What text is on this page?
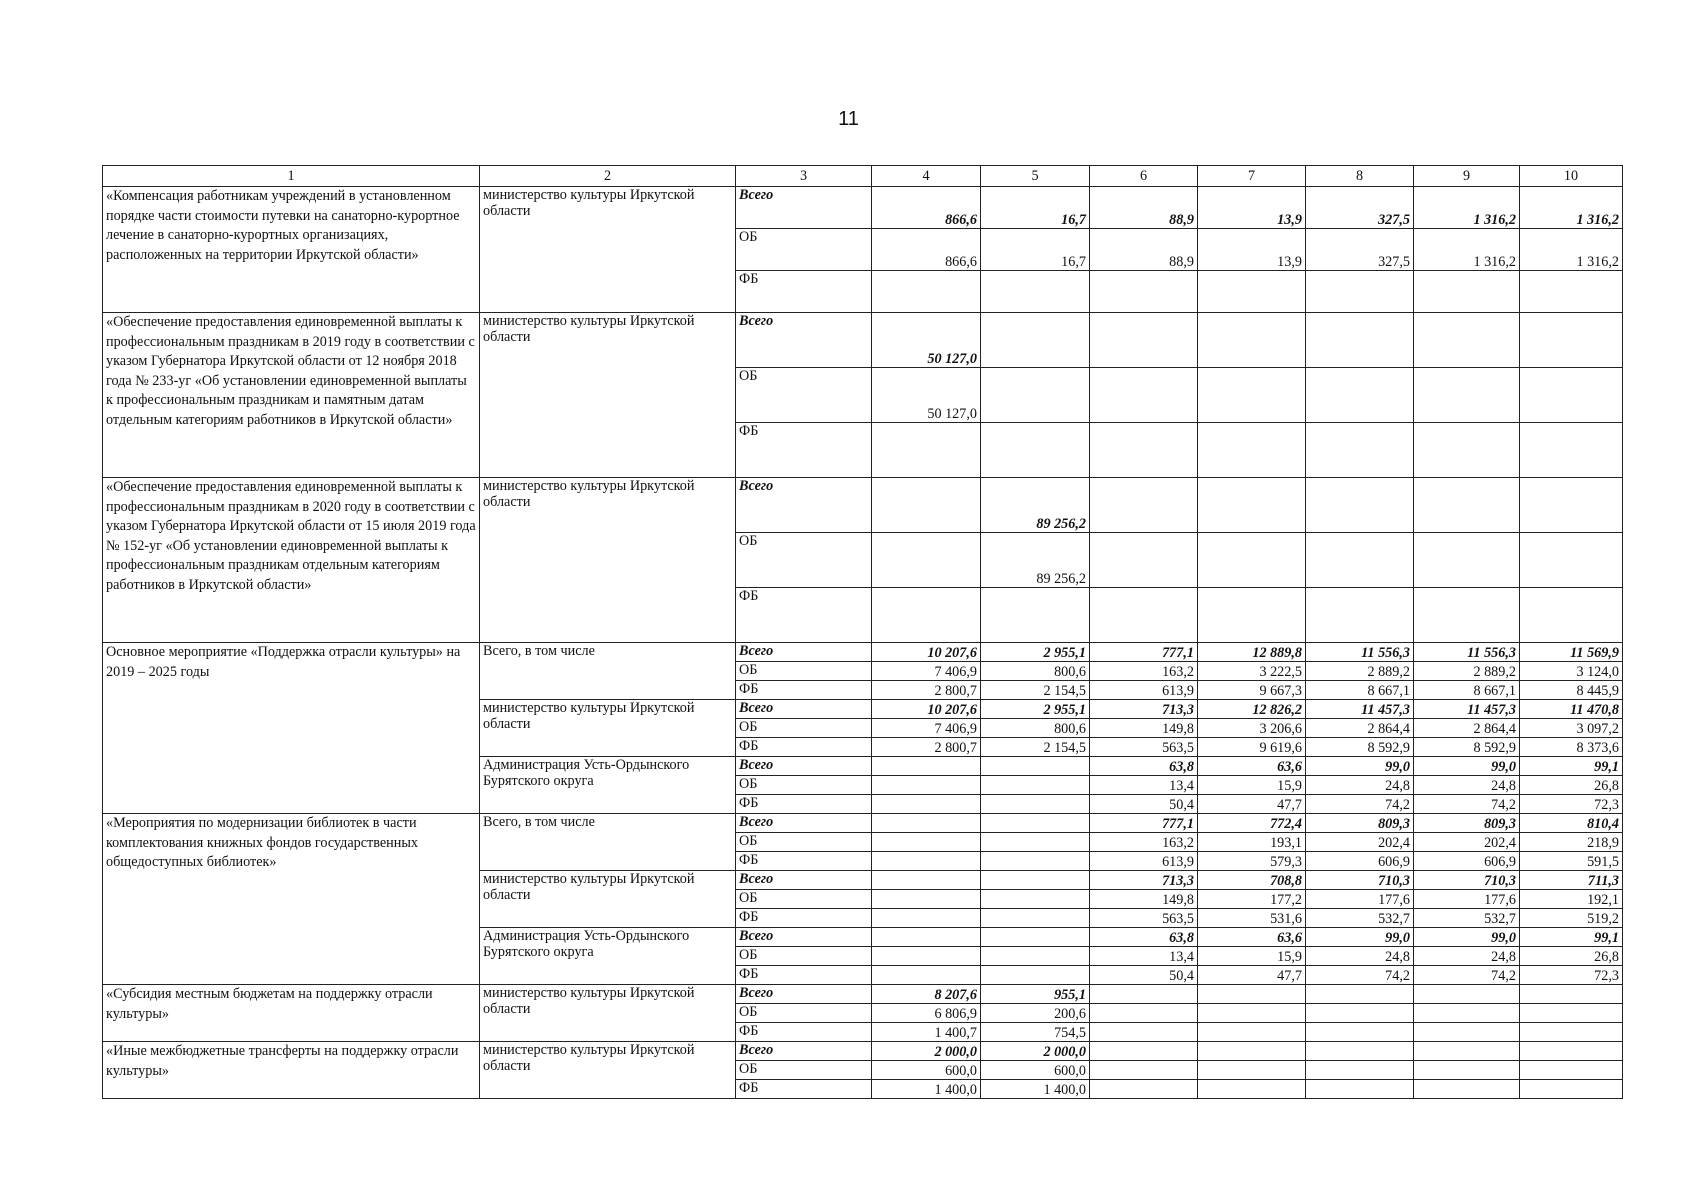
11
1	2	3	4	5	6	7	8	9	10
«Компенсация работникам учреждений в установленном порядке части стоимости путевки на санаторно-курортное лечение в санаторно-курортных организациях, расположенных на территории Иркутской области»	министерство культуры Иркутской области	Всего	866,6	16,7	88,9	13,9	327,5	1 316,2	1 316,2
		ОБ	866,6	16,7	88,9	13,9	327,5	1 316,2	1 316,2
		ФБ							
«Обеспечение предоставления единовременной выплаты к профессиональным праздникам в 2019 году в соответствии с указом Губернатора Иркутской области от 12 ноября 2018 года № 233-уг «Об установлении единовременной выплаты к профессиональным праздникам и памятным датам отдельным категориям работников в Иркутской области»	министерство культуры Иркутской области	Всего	50 127,0						
		ОБ	50 127,0						
		ФБ							
«Обеспечение предоставления единовременной выплаты к профессиональным праздникам в 2020 году в соответствии с указом Губернатора Иркутской области от 15 июля 2019 года № 152-уг «Об установлении единовременной выплаты к профессиональным праздникам отдельным категориям работников в Иркутской области»	министерство культуры Иркутской области	Всего		89 256,2					
		ОБ		89 256,2					
		ФБ							
Основное мероприятие «Поддержка отрасли культуры» на 2019 – 2025 годы	Всего, в том числе	Всего	10 207,6	2 955,1	777,1	12 889,8	11 556,3	11 556,3	11 569,9
		ОБ	7 406,9	800,6	163,2	3 222,5	2 889,2	2 889,2	3 124,0
		ФБ	2 800,7	2 154,5	613,9	9 667,3	8 667,1	8 667,1	8 445,9
	министерство культуры Иркутской области	Всего	10 207,6	2 955,1	713,3	12 826,2	11 457,3	11 457,3	11 470,8
		ОБ	7 406,9	800,6	149,8	3 206,6	2 864,4	2 864,4	3 097,2
		ФБ	2 800,7	2 154,5	563,5	9 619,6	8 592,9	8 592,9	8 373,6
	Администрация Усть-Ордынского Бурятского округа	Всего			63,8	63,6	99,0	99,0	99,1
		ОБ			13,4	15,9	24,8	24,8	26,8
		ФБ			50,4	47,7	74,2	74,2	72,3
«Мероприятия по модернизации библиотек в части комплектования книжных фондов государственных общедоступных библиотек»	Всего, в том числе	Всего			777,1	772,4	809,3	809,3	810,4
		ОБ			163,2	193,1	202,4	202,4	218,9
		ФБ			613,9	579,3	606,9	606,9	591,5
	министерство культуры Иркутской области	Всего			713,3	708,8	710,3	710,3	711,3
		ОБ			149,8	177,2	177,6	177,6	192,1
		ФБ			563,5	531,6	532,7	532,7	519,2
	Администрация Усть-Ордынского Бурятского округа	Всего			63,8	63,6	99,0	99,0	99,1
		ОБ			13,4	15,9	24,8	24,8	26,8
		ФБ			50,4	47,7	74,2	74,2	72,3
«Субсидия местным бюджетам на поддержку отрасли культуры»	министерство культуры Иркутской области	Всего	8 207,6	955,1					
		ОБ	6 806,9	200,6					
		ФБ	1 400,7	754,5					
«Иные межбюджетные трансферты на поддержку отрасли культуры»	министерство культуры Иркутской области	Всего	2 000,0	2 000,0					
		ОБ	600,0	600,0					
		ФБ	1 400,0	1 400,0					
